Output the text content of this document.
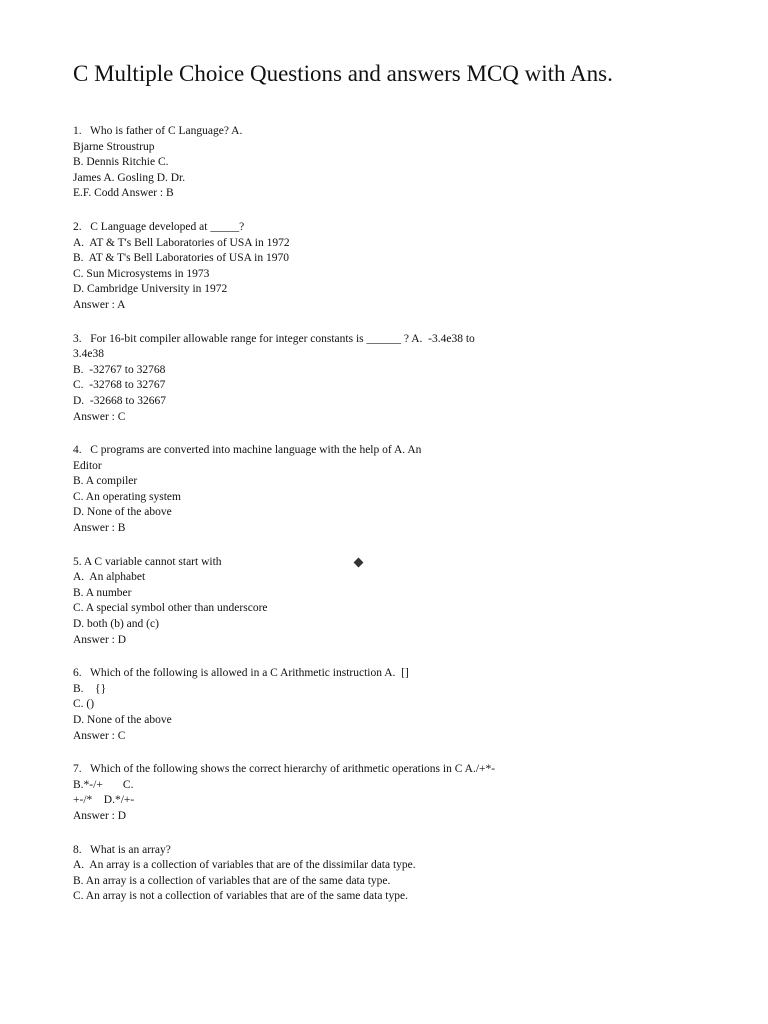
C Multiple Choice Questions and answers MCQ with Ans.
1.   Who is father of C Language? A.
Bjarne Stroustrup
B. Dennis Ritchie C.
James A. Gosling D. Dr.
E.F. Codd Answer : B
2.   C Language developed at _____?
A.  AT & T's Bell Laboratories of USA in 1972
B.  AT & T's Bell Laboratories of USA in 1970
C. Sun Microsystems in 1973
D. Cambridge University in 1972
Answer : A
3.   For 16-bit compiler allowable range for integer constants is ______ ? A.  -3.4e38 to
3.4e38
B.  -32767 to 32768
C.  -32768 to 32767
D.  -32668 to 32667
Answer : C
4.   C programs are converted into machine language with the help of A. An
Editor
B. A compiler
C. An operating system
D. None of the above
Answer : B
5. A C variable cannot start with
A.  An alphabet
B. A number
C. A special symbol other than underscore
D. both (b) and (c)
Answer : D
6.   Which of the following is allowed in a C Arithmetic instruction A.  []
B.    {}
C. ()
D. None of the above
Answer : C
7.   Which of the following shows the correct hierarchy of arithmetic operations in C A./+*-
B.*-/+       C.
+-/*    D.*/+-
Answer : D
8.   What is an array?
A.  An array is a collection of variables that are of the dissimilar data type.
B. An array is a collection of variables that are of the same data type.
C. An array is not a collection of variables that are of the same data type.
